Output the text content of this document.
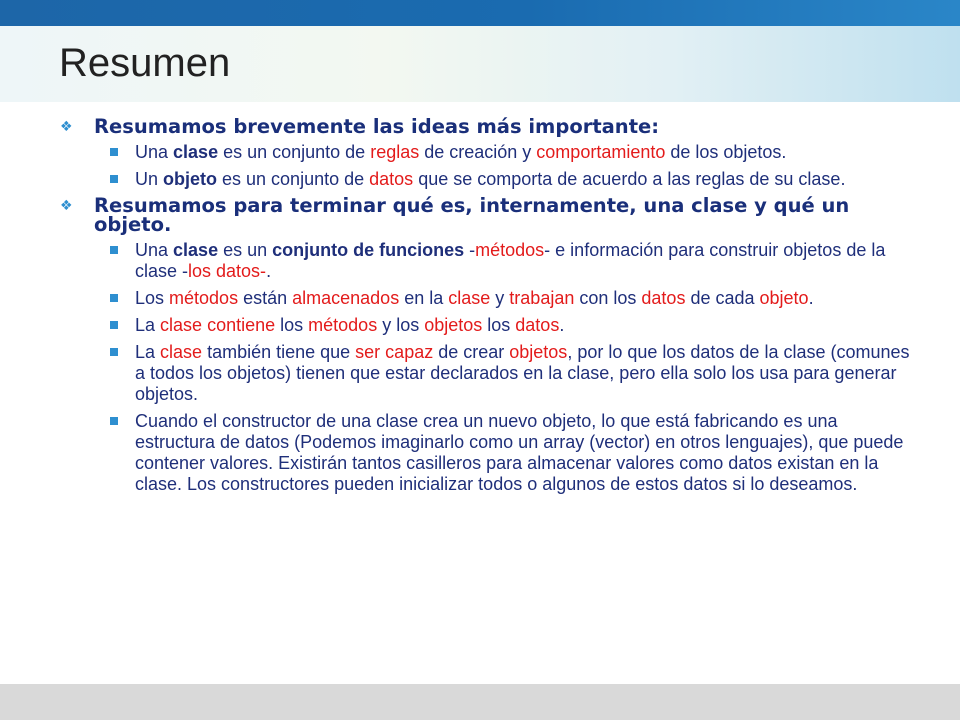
Resumen
❖ Resumamos brevemente las ideas más importante:
Una clase es un conjunto de reglas de creación y comportamiento de los objetos.
Un objeto es un conjunto de datos que se comporta de acuerdo a las reglas de su clase.
❖ Resumamos para terminar qué es, internamente, una clase y qué un objeto.
Una clase es un conjunto de funciones -métodos- e información para construir objetos de la clase -los datos-.
Los métodos están almacenados en la clase y trabajan con los datos de cada objeto.
La clase contiene los métodos y los objetos los datos.
La clase también tiene que ser capaz de crear objetos, por lo que los datos de la clase (comunes a todos los objetos) tienen que estar declarados en la clase, pero ella solo los usa para generar objetos.
Cuando el constructor de una clase crea un nuevo objeto, lo que está fabricando es una estructura de datos (Podemos imaginarlo como un array (vector) en otros lenguajes), que puede contener valores. Existirán tantos casilleros para almacenar valores como datos existan en la clase. Los constructores pueden inicializar todos o algunos de estos datos si lo deseamos.
